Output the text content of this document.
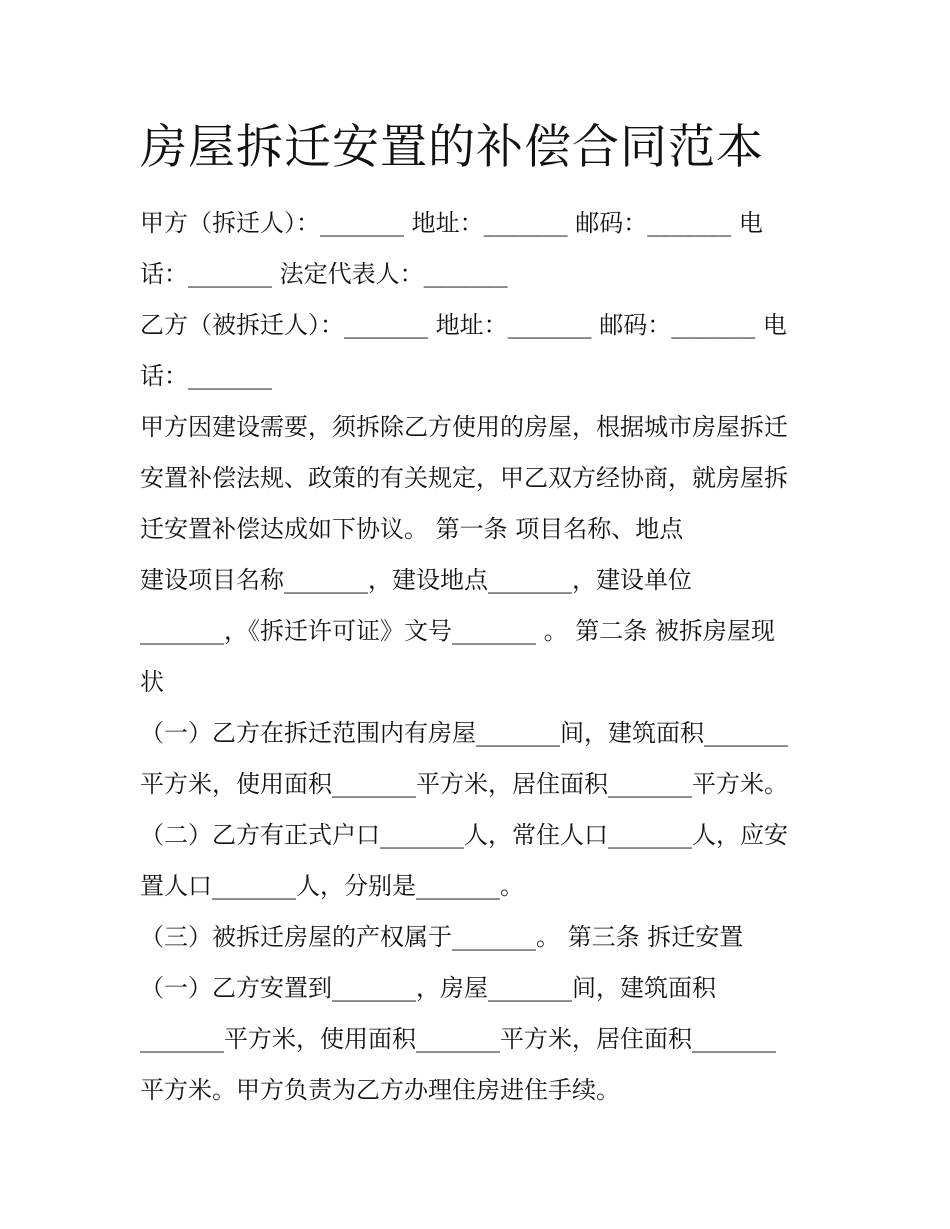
房屋拆迁安置的补偿合同范本
甲方（拆迁人）：_______ 地址：_______ 邮码：_______ 电
话：_______ 法定代表人：_______
乙方（被拆迁人）：_______ 地址：_______ 邮码：_______ 电
话：_______
甲方因建设需要，须拆除乙方使用的房屋，根据城市房屋拆迁
安置补偿法规、政策的有关规定，甲乙双方经协商，就房屋拆
迁安置补偿达成如下协议。 第一条 项目名称、地点
建设项目名称_______，建设地点_______，建设单位
_______，《拆迁许可证》文号_______ 。 第二条 被拆房屋现
状
（一）乙方在拆迁范围内有房屋_______间，建筑面积_______
平方米，使用面积_______平方米，居住面积_______平方米。
（二）乙方有正式户口_______人，常住人口_______人，应安
置人口_______人，分别是_______。
（三）被拆迁房屋的产权属于_______。 第三条 拆迁安置
（一）乙方安置到_______，房屋_______间，建筑面积
_______平方米，使用面积_______平方米，居住面积_______
平方米。甲方负责为乙方办理住房进住手续。
